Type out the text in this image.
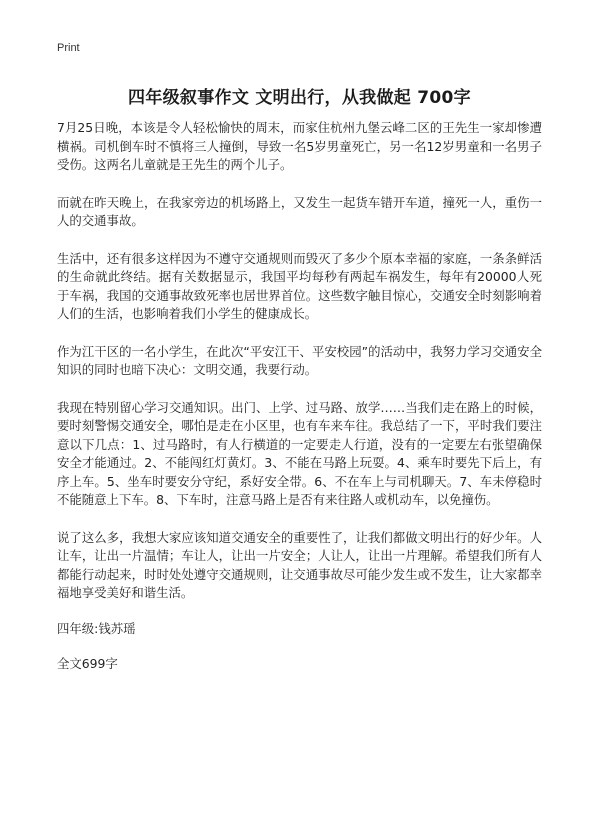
Print
四年级叙事作文 文明出行，从我做起 700字

7月25日晚，本该是令人轻松愉快的周末，而家住杭州九堡云峰二区的王先生一家却惨遭横祸。司机倒车时不慎将三人撞倒，导致一名5岁男童死亡，另一名12岁男童和一名男子受伤。这两名儿童就是王先生的两个儿子。

而就在昨天晚上，在我家旁边的机场路上，又发生一起货车错开车道，撞死一人，重伤一人的交通事故。

生活中，还有很多这样因为不遵守交通规则而毁灭了多少个原本幸福的家庭，一条条鲜活的生命就此终结。据有关数据显示，我国平均每秒有两起车祸发生，每年有20000人死于车祸，我国的交通事故致死率也居世界首位。这些数字触目惊心，交通安全时刻影响着人们的生活，也影响着我们小学生的健康成长。

作为江干区的一名小学生，在此次“平安江干、平安校园”的活动中，我努力学习交通安全知识的同时也暗下决心：文明交通，我要行动。

我现在特别留心学习交通知识。出门、上学、过马路、放学……当我们走在路上的时候，要时刻警惕交通安全，哪怕是走在小区里，也有车来车往。我总结了一下，平时我们要注意以下几点：1、过马路时，有人行横道的一定要走人行道，没有的一定要左右张望确保安全才能通过。2、不能闯红灯黄灯。3、不能在马路上玩耍。4、乘车时要先下后上，有序上车。5、坐车时要安分守纪，系好安全带。6、不在车上与司机聊天。7、车未停稳时不能随意上下车。8、下车时，注意马路上是否有来往路人或机动车，以免撞伤。

说了这么多，我想大家应该知道交通安全的重要性了，让我们都做文明出行的好少年。人让车，让出一片温情；车让人，让出一片安全；人让人，让出一片理解。希望我们所有人都能行动起来，时时处处遵守交通规则，让交通事故尽可能少发生或不发生，让大家都幸福地享受美好和谐生活。

四年级:钱苏瑶

全文699字
